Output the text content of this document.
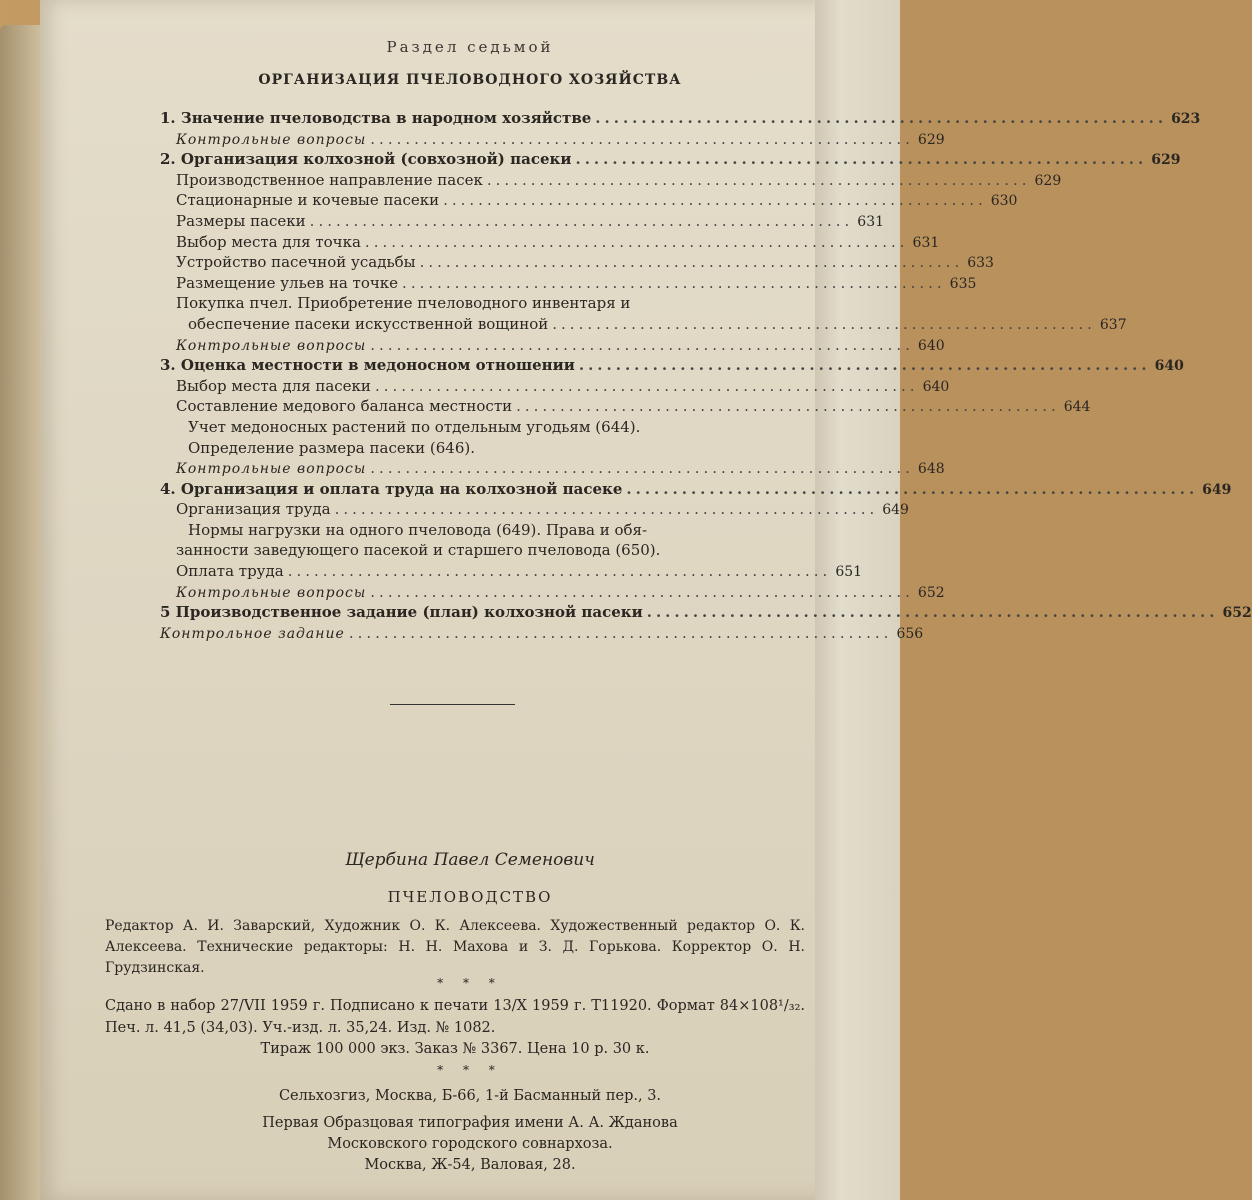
Раздел седьмой
ОРГАНИЗАЦИЯ ПЧЕЛОВОДНОГО ХОЗЯЙСТВА
1. Значение пчеловодства в народном хозяйстве .............................................................. 623
Контрольные вопросы .............................................................. 629
2. Организация колхозной (совхозной) пасеки .............................................................. 629
Производственное направление пасек .............................................................. 629
Стационарные и кочевые пасеки .............................................................. 630
Размеры пасеки .............................................................. 631
Выбор места для точка .............................................................. 631
Устройство пасечной усадьбы .............................................................. 633
Размещение ульев на точке .............................................................. 635
Покупка пчел. Приобретение пчеловодного инвентаря и
обеспечение пасеки искусственной вощиной .............................................................. 637
Контрольные вопросы .............................................................. 640
3. Оценка местности в медоносном отношении .............................................................. 640
Выбор места для пасеки .............................................................. 640
Составление медового баланса местности .............................................................. 644
Учет медоносных растений по отдельным угодьям (644).
Определение размера пасеки (646).
Контрольные вопросы .............................................................. 648
4. Организация и оплата труда на колхозной пасеке .............................................................. 649
Организация труда .............................................................. 649
Нормы нагрузки на одного пчеловода (649). Права и обя-
занности заведующего пасекой и старшего пчеловода (650).
Оплата труда .............................................................. 651
Контрольные вопросы .............................................................. 652
5 Производственное задание (план) колхозной пасеки .............................................................. 652
Контрольное задание .............................................................. 656
Щербина Павел Семенович
ПЧЕЛОВОДСТВО
Редактор А. И. Заварский, Художник О. К. Алексеева. Художественный редактор О. К. Алексеева. Технические редакторы: Н. Н. Махова и З. Д. Горькова. Корректор О. Н. Грудзинская.
* * *
Сдано в набор 27/VII 1959 г. Подписано к печати 13/X 1959 г. Т11920. Формат 84×108¹/₃₂. Печ. л. 41,5 (34,03). Уч.-изд. л. 35,24. Изд. № 1082.
Тираж 100 000 экз. Заказ № 3367. Цена 10 р. 30 к.
* * *
Сельхозгиз, Москва, Б-66, 1-й Басманный пер., 3.
Первая Образцовая типография имени А. А. Жданова
Московского городского совнархоза.
Москва, Ж-54, Валовая, 28.
